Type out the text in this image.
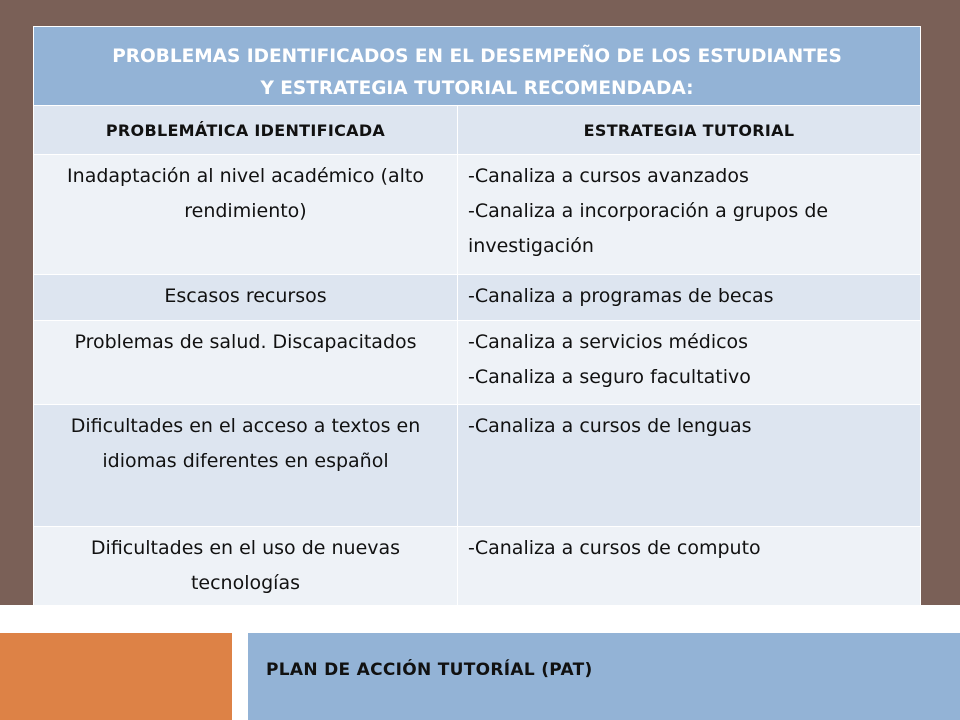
PROBLEMAS IDENTIFICADOS EN EL DESEMPEÑO DE LOS ESTUDIANTES
Y ESTRATEGIA TUTORIAL RECOMENDADA:	

PROBLEMÁTICA IDENTIFICADA	ESTRATEGIA TUTORIAL
Inadaptación al nivel académico (alto rendimiento)	-Canaliza a cursos avanzados
-Canaliza a incorporación a grupos de investigación

Escasos recursos	-Canaliza a programas de becas

Problemas de salud. Discapacitados	-Canaliza a servicios médicos
-Canaliza a seguro facultativo

Dificultades en el acceso a textos en idiomas diferentes en español	-Canaliza a cursos de lenguas

Dificultades en el uso de nuevas tecnologías	-Canaliza a cursos de computo
PLAN DE ACCIÓN TUTORÍAL (PAT)
